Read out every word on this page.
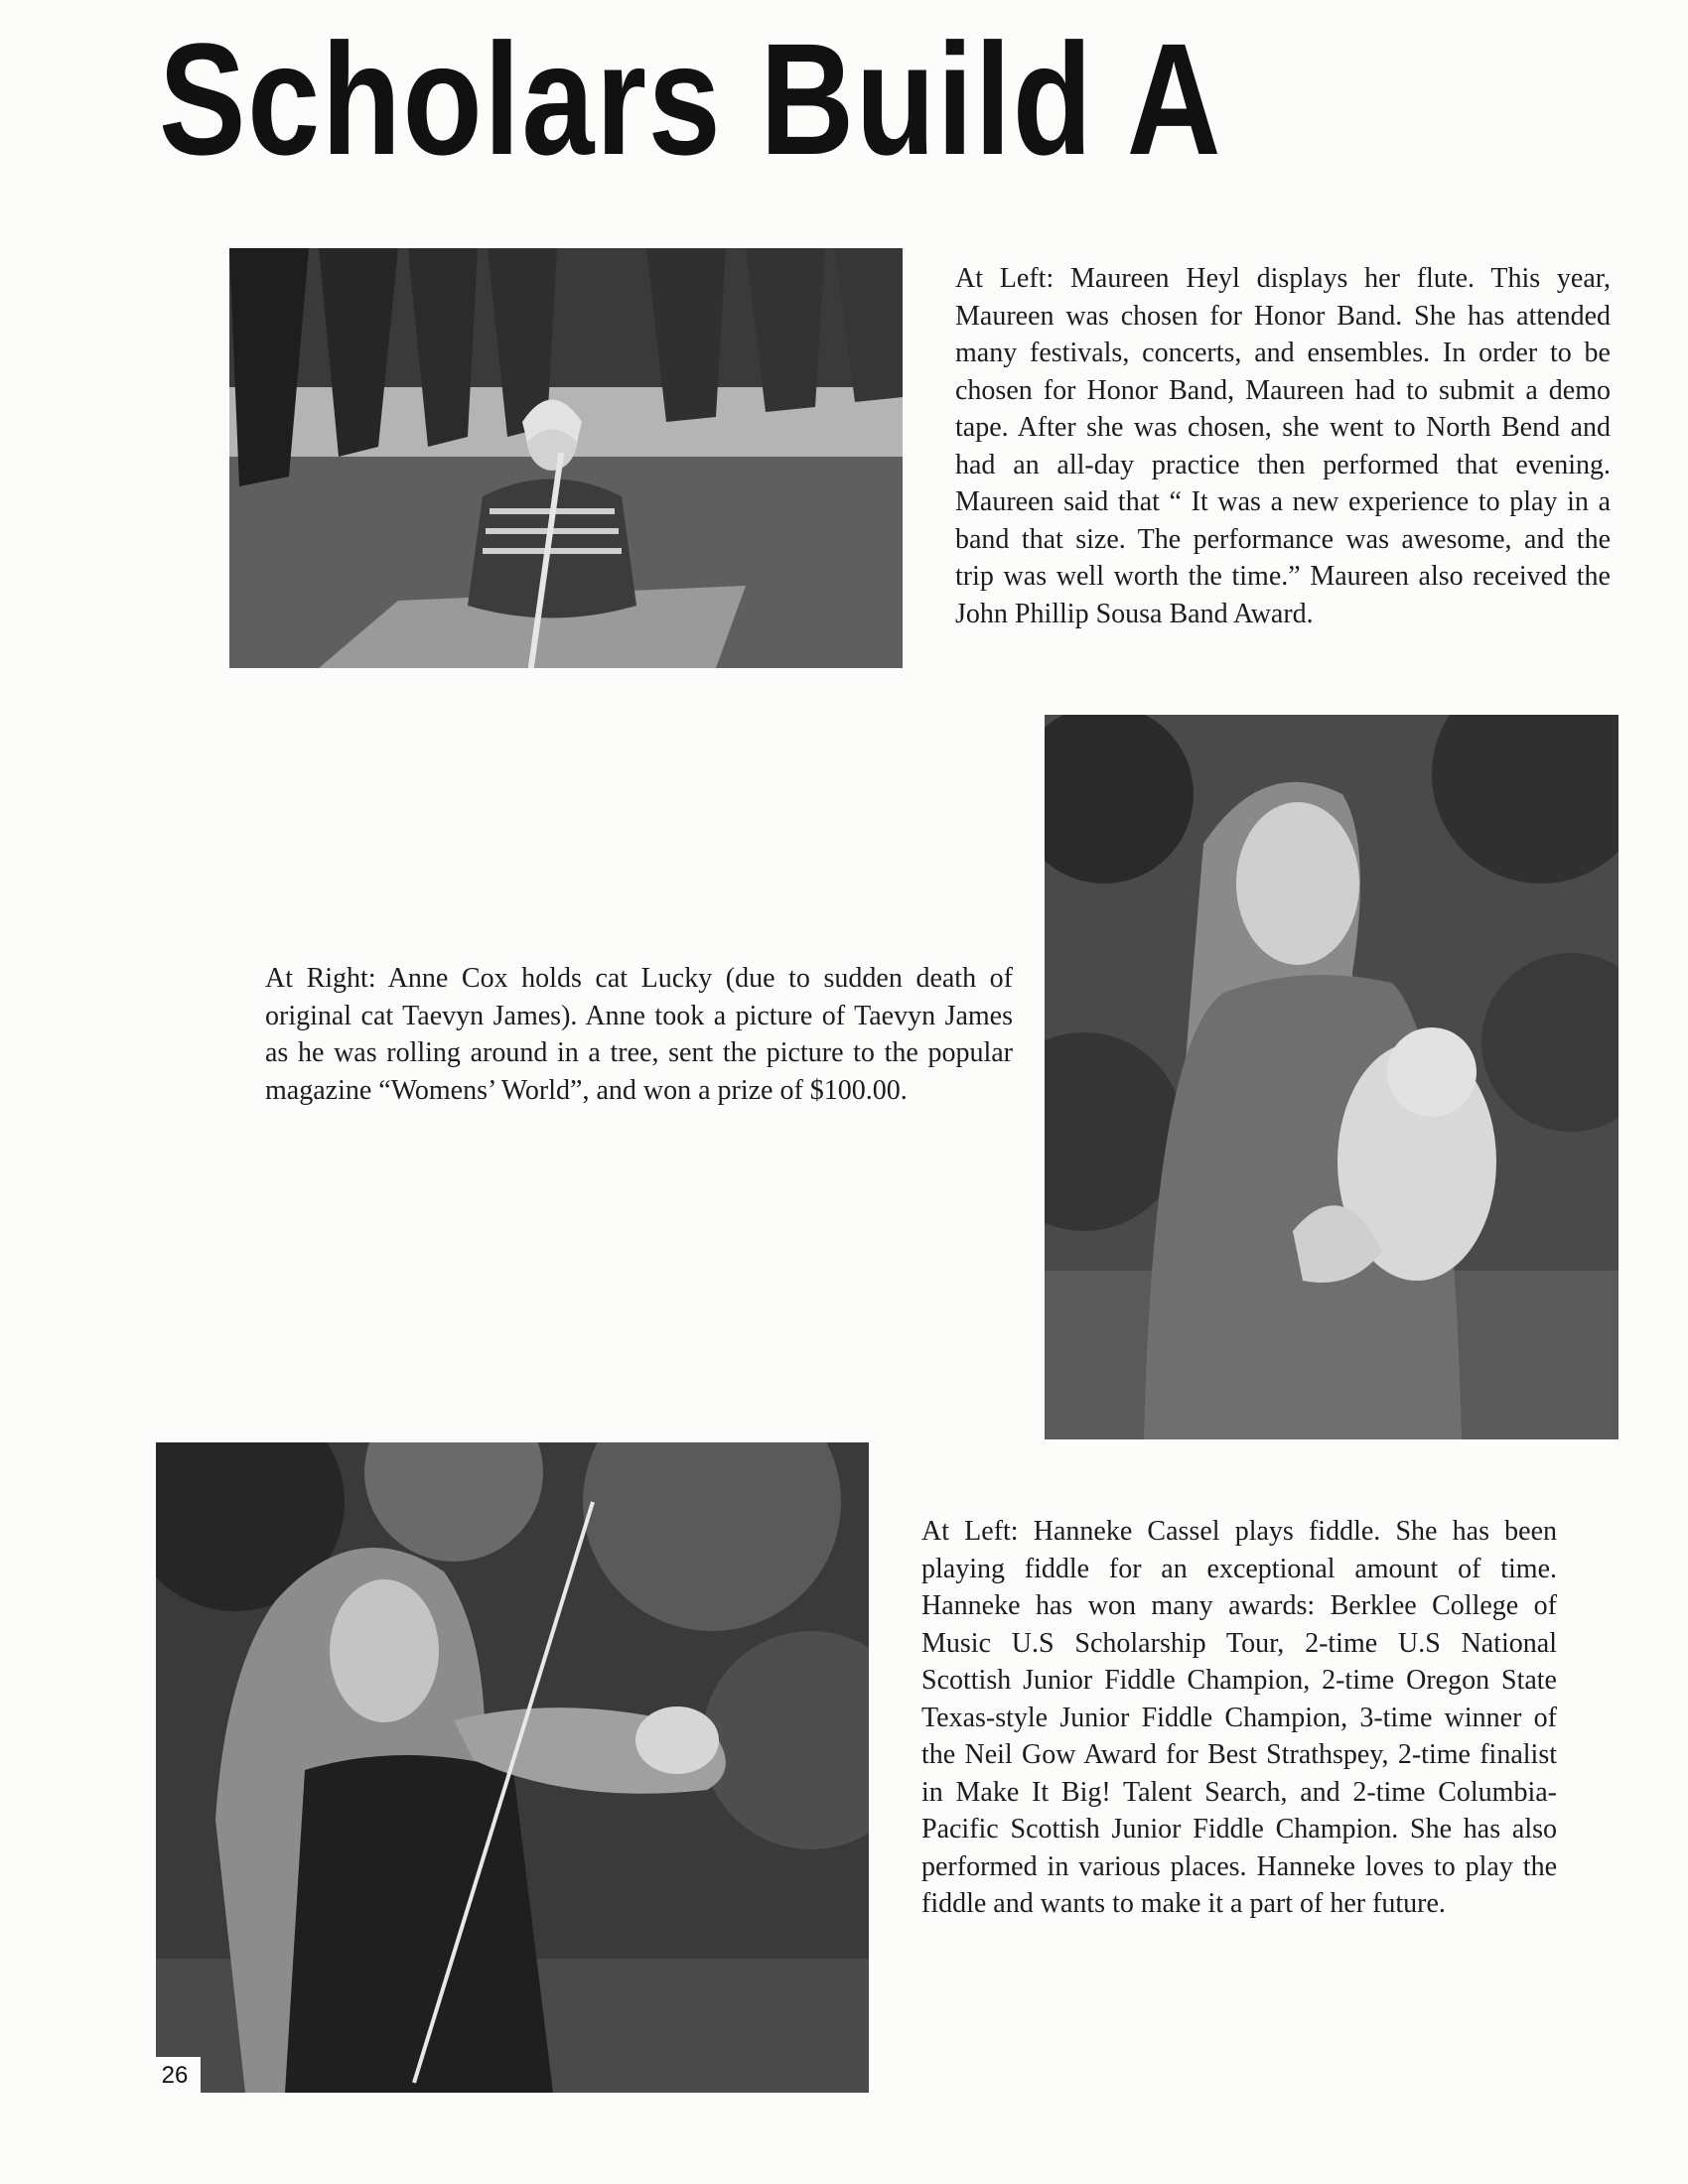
Scholars Build A

At Left: Maureen Heyl displays her flute. This year, Maureen was chosen for Honor Band. She has attended many festivals, concerts, and ensembles. In order to be chosen for Honor Band, Maureen had to submit a demo tape. After she was chosen, she went to North Bend and had an all-day practice then performed that evening. Maureen said that “ It was a new experience to play in a band that size. The performance was awesome, and the trip was well worth the time.” Maureen also received the John Phillip Sousa Band Award.

At Right: Anne Cox holds cat Lucky (due to sudden death of original cat Taevyn James). Anne took a picture of Taevyn James as he was rolling around in a tree, sent the picture to the popular magazine “Womens’ World”, and won a prize of $100.00.

At Left: Hanneke Cassel plays fiddle. She has been playing fiddle for an exceptional amount of time. Hanneke has won many awards: Berklee College of Music U.S Scholarship Tour, 2-time U.S National Scottish Junior Fiddle Champion, 2-time Oregon State Texas-style Junior Fiddle Champion, 3-time winner of the Neil Gow Award for Best Strathspey, 2-time finalist in Make It Big! Talent Search, and 2-time Columbia-Pacific Scottish Junior Fiddle Champion. She has also performed in various places. Hanneke loves to play the fiddle and wants to make it a part of her future.

26
